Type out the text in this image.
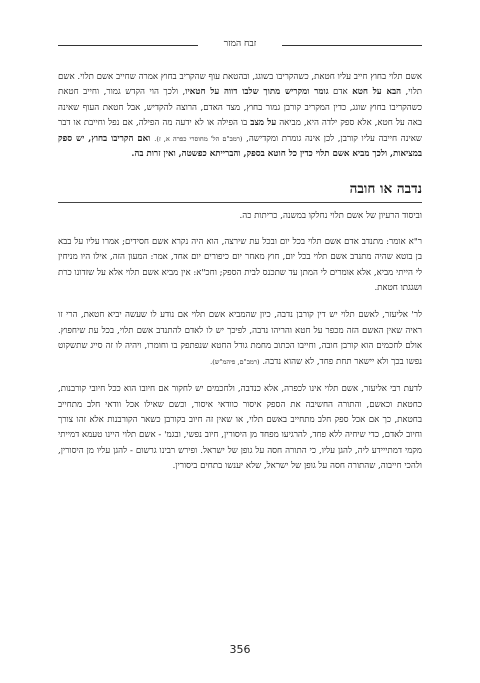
זבח המזר

אשם תלוי בחוץ חייב עליו חטאת, כשהקריבו בשוגג, ובהטאת עוף שהקריב בחוץ אמרה שחייב אשם תלוי. אשם תלוי, הבא על חטא אדם גומר ומקריש מתוך שלבו דווה על חטאיו, ולכך הוי הקדש גמור, וחייב חטאת כשהקריבו בחוץ שוגג, כדין המקריב קורבן גמור בחוץ, מצד האדם, הרוצה להקדיש, אבל חטאת העוף שאינה באה על חטא, אלא ספק ילדה היא, מביאה על מצב בו הפילה או לא ידעה מה הפילה, אם נפל וחייבת או דבר שאינה חייבה עליו קורבן, לכן אינה גומרת ומקדישה, (רמב"ם הל' מחוסרי כפרה א, ז). ואם הקריבו בחוץ, יש ספק במציאות, ולכך מביא אשם תלוי כדין כל חוטא בספק, והברייתא כפשטה, ואין זרות בה.

נדבה או חובה

וביסוד הרעיון של אשם תלוי נחלקו במשנה, כריתות כה.

ר"א אומר: מתנדב אדם אשם תלוי בכל יום ובכל עת שירצה, הוא היה נקרא אשם חסידים; אמרו עליו על בבא בן בוטא שהיה מתנדב אשם תלוי בכל יום, חוץ מאחר יום כיפורים יום אחד, אמר: המעון הזה, אילו היו מניחין לי הייתי מביא, אלא אומרים לי המתן עד שתכנס לבית הספק; וחכ"א: אין מביא אשם תלוי אלא על שזדונו כרת ושגגתו חטאת.

לר' אליעזר, לאשם תלוי יש דין קורבן נדבה, כיון שהמביא אשם תלוי אם נודע לו שעשה יביא חטאת, הרי זו ראיה שאין האשם הזה מכפר על חטא והריהו נדבה, לפיכך יש לו לאדם להתנדב אשם תלוי, בכל עת שיחפוץ. אולם לחכמים הוא קורבן חובה, וחייבו הכתוב מחמת גודל החטא שנפתפק בו וחומרו, ויהיה לו זה סייג שתשקוט נפשו בכך ולא יישאר תחת פחד, לא שהוא נדבה. (רמב"ם, פיהמ"ש).

לדעת רבי אליעזר, אשם תלוי אינו לכפרה, אלא כנדבה, ולחכמים יש לחקור אם חיובו הוא ככל חיובי קורבנות, כחטאת וכאשם, והתורה החשיבה את הספק איסור כוודאי איסור, וכשם שאילו אכל וודאי חלב מתחייב בחטאת, כך אם אכל ספק חלב מתחייב באשם תלוי, או שאין זה חיוב בקורבן כשאר הקורבנות אלא זהו צורך וחיוב לאדם, כדי שיחיה ללא פחד, להרגיעו מפחד מן היסורין, חיוב נפשי, ובגמ' - אשם תלוי היינו טעמא דמייתי מקמי דמתייידע ליה, להגן עליו, כי התורה חסה על גופן של ישראל. ופירש רבינו גרשום - להגן עליו מן היסורין, ולהכי חייבוה, שהתורה חסה על גופן של ישראל, שלא יענשו בתחים ביסורין.

356
